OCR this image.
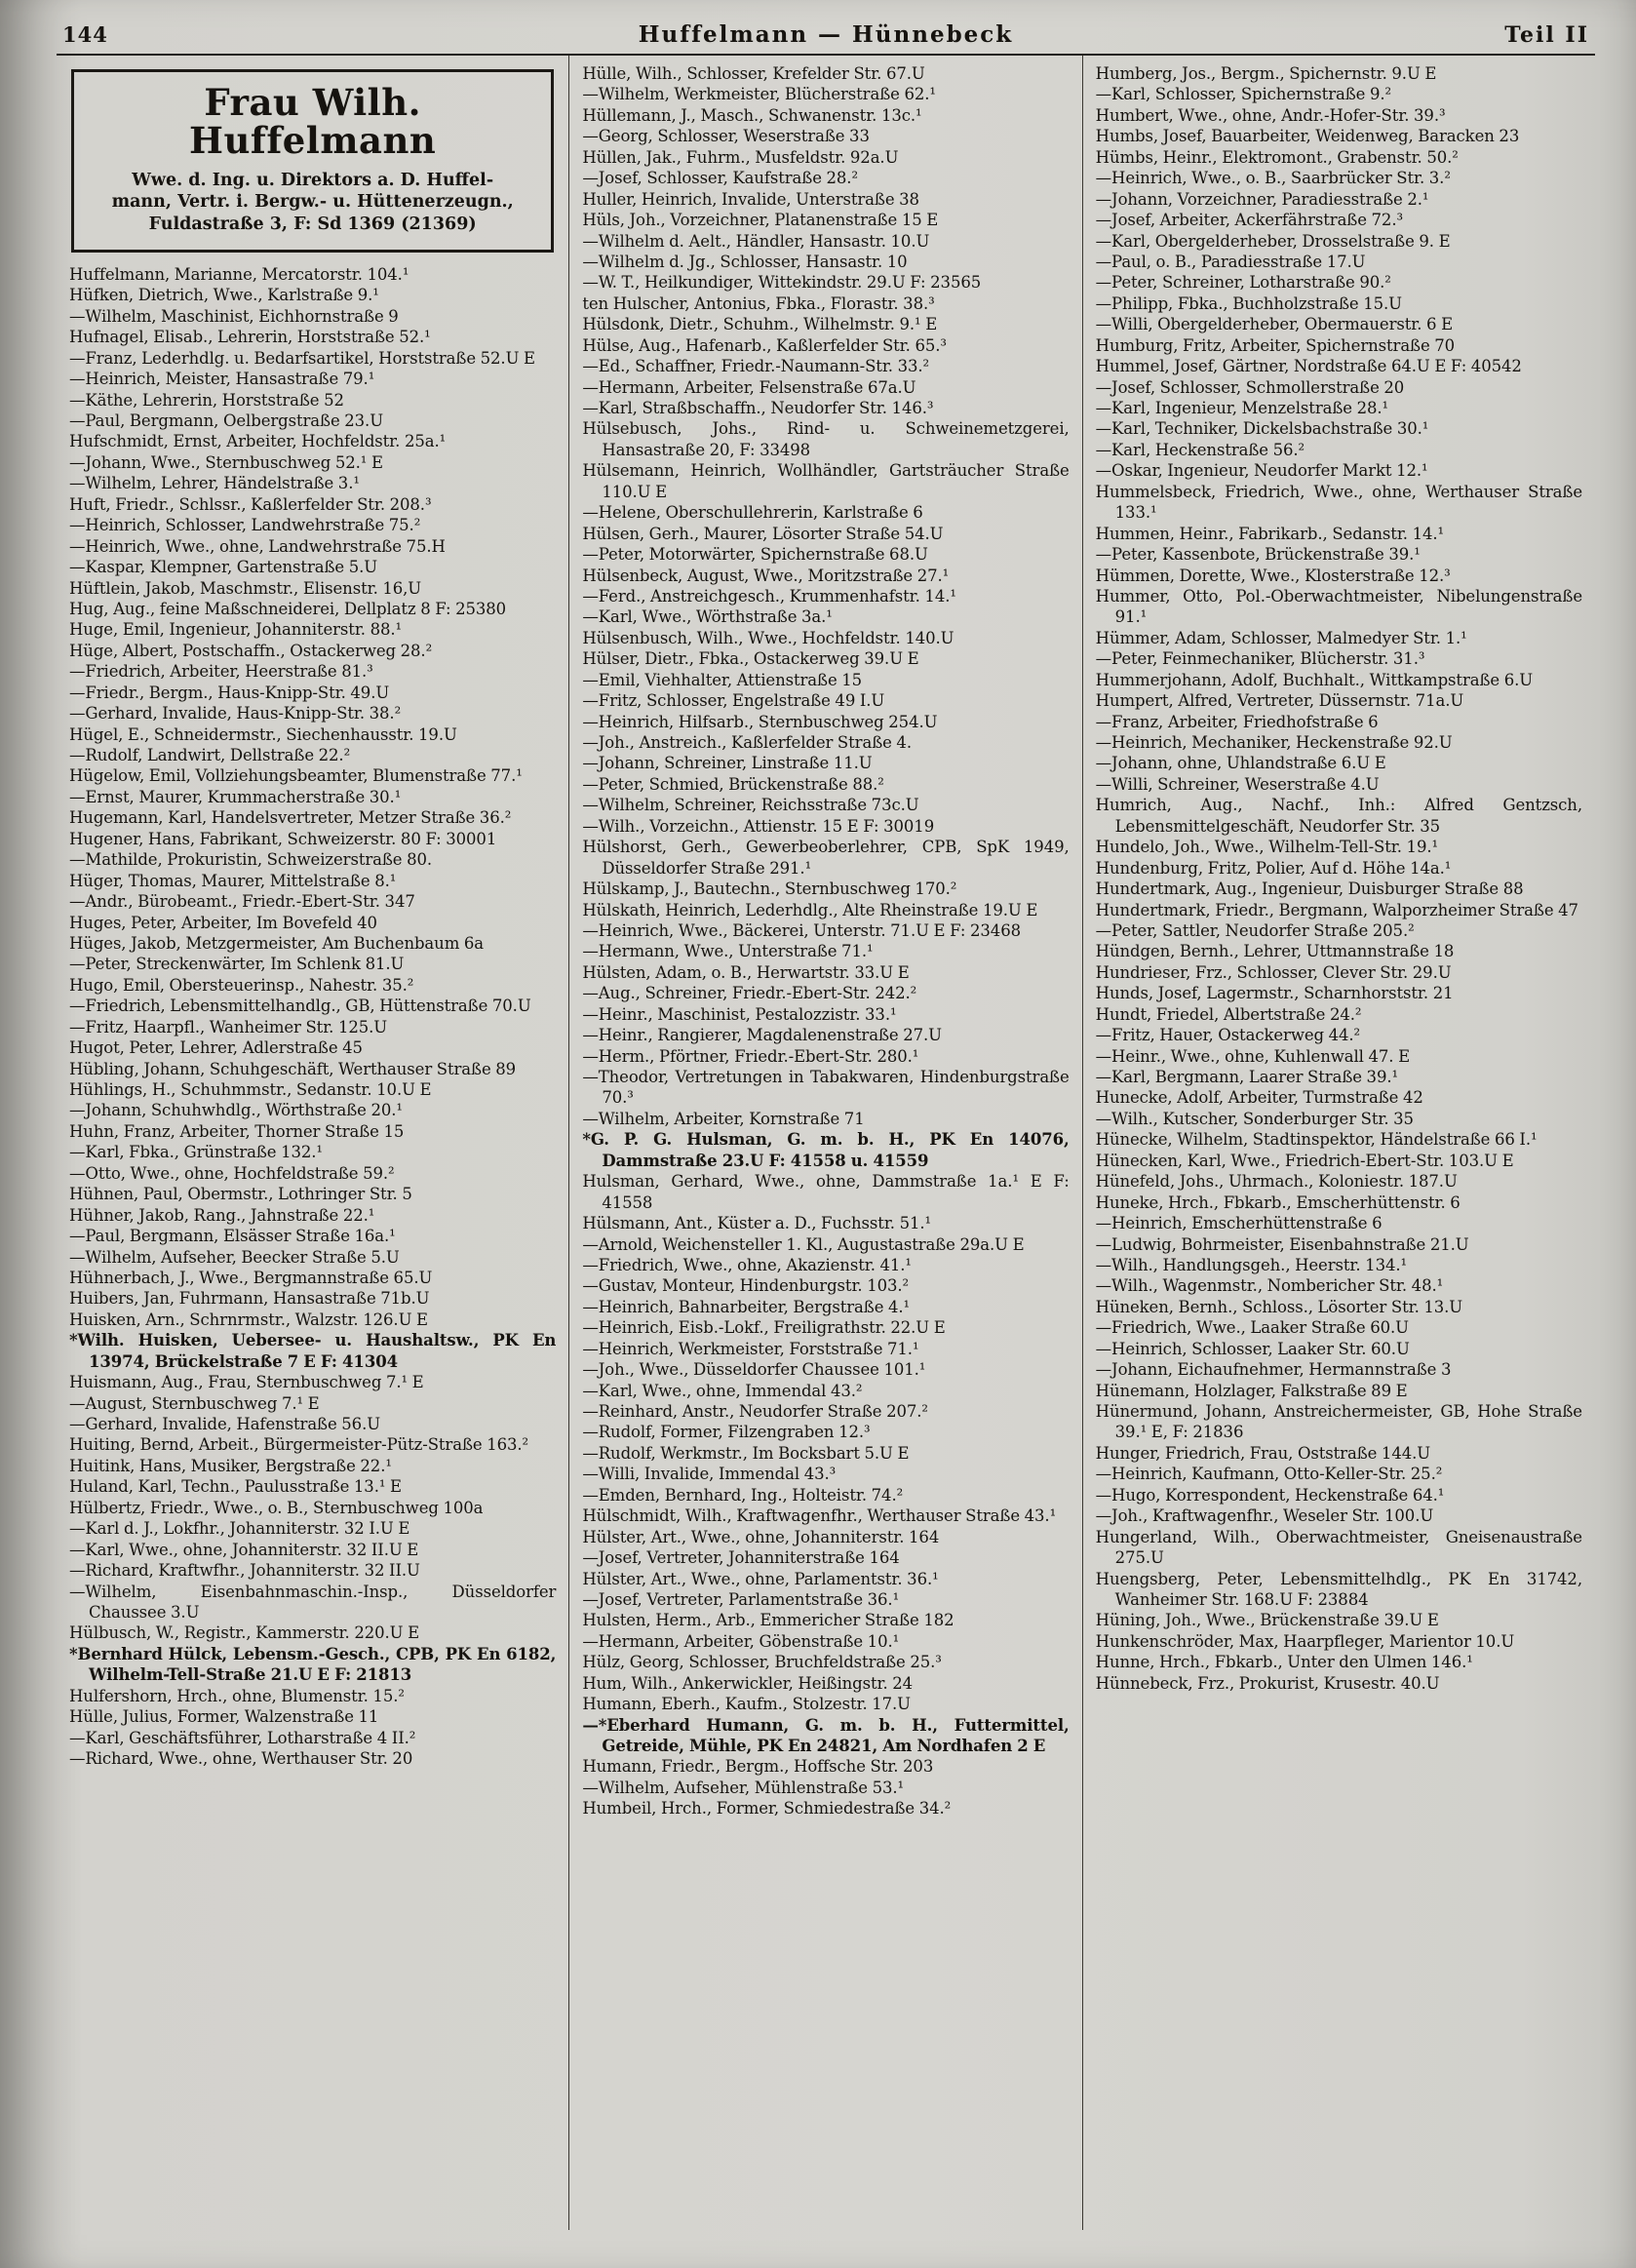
144	Huffelmann — Hünnebeck	Teil II
Frau Wilh. Huffelmann
Wwe. d. Ing. u. Direktors a. D. Huffel-
mann, Vertr. i. Bergw.- u. Hüttenerzeugn.,
Fuldastraße 3, F: Sd 1369 (21369)

Huffelmann, Marianne, Mercatorstr. 104.¹

Hüfken, Dietrich, Wwe., Karlstraße 9.¹

—Wilhelm, Maschinist, Eichhornstraße 9

Hufnagel, Elisab., Lehrerin, Horststraße 52.¹

—Franz, Lederhdlg. u. Bedarfsartikel, Horststraße 52.U E

—Heinrich, Meister, Hansastraße 79.¹

—Käthe, Lehrerin, Horststraße 52

—Paul, Bergmann, Oelbergstraße 23.U

Hufschmidt, Ernst, Arbeiter, Hochfeldstr. 25a.¹

—Johann, Wwe., Sternbuschweg 52.¹ E

—Wilhelm, Lehrer, Händelstraße 3.¹

Huft, Friedr., Schlssr., Kaßlerfelder Str. 208.³

—Heinrich, Schlosser, Landwehrstraße 75.²

—Heinrich, Wwe., ohne, Landwehrstraße 75.H

—Kaspar, Klempner, Gartenstraße 5.U

Hüftlein, Jakob, Maschmstr., Elisenstr. 16,U

Hug, Aug., feine Maßschneiderei, Dellplatz 8 F: 25380

Huge, Emil, Ingenieur, Johanniterstr. 88.¹

Hüge, Albert, Postschaffn., Ostackerweg 28.²

—Friedrich, Arbeiter, Heerstraße 81.³

—Friedr., Bergm., Haus-Knipp-Str. 49.U

—Gerhard, Invalide, Haus-Knipp-Str. 38.²

Hügel, E., Schneidermstr., Siechenhausstr. 19.U

—Rudolf, Landwirt, Dellstraße 22.²

Hügelow, Emil, Vollziehungsbeamter, Blumenstraße 77.¹

—Ernst, Maurer, Krummacherstraße 30.¹

Hugemann, Karl, Handelsvertreter, Metzer Straße 36.²

Hugener, Hans, Fabrikant, Schweizerstr. 80 F: 30001

—Mathilde, Prokuristin, Schweizerstraße 80.

Hüger, Thomas, Maurer, Mittelstraße 8.¹

—Andr., Bürobeamt., Friedr.-Ebert-Str. 347

Huges, Peter, Arbeiter, Im Bovefeld 40

Hüges, Jakob, Metzgermeister, Am Buchenbaum 6a

—Peter, Streckenwärter, Im Schlenk 81.U

Hugo, Emil, Obersteuerinsp., Nahestr. 35.²

—Friedrich, Lebensmittelhandlg., GB, Hüttenstraße 70.U

—Fritz, Haarpfl., Wanheimer Str. 125.U

Hugot, Peter, Lehrer, Adlerstraße 45

Hübling, Johann, Schuhgeschäft, Werthauser Straße 89

Hühlings, H., Schuhmmstr., Sedanstr. 10.U E

—Johann, Schuhwhdlg., Wörthstraße 20.¹

Huhn, Franz, Arbeiter, Thorner Straße 15

—Karl, Fbka., Grünstraße 132.¹

—Otto, Wwe., ohne, Hochfeldstraße 59.²

Hühnen, Paul, Obermstr., Lothringer Str. 5

Hühner, Jakob, Rang., Jahnstraße 22.¹

—Paul, Bergmann, Elsässer Straße 16a.¹

—Wilhelm, Aufseher, Beecker Straße 5.U

Hühnerbach, J., Wwe., Bergmannstraße 65.U

Huibers, Jan, Fuhrmann, Hansastraße 71b.U

Huisken, Arn., Schrnrmstr., Walzstr. 126.U E

*Wilh. Huisken, Uebersee- u. Haushaltsw., PK En 13974, Brückelstraße 7 E F: 41304

Huismann, Aug., Frau, Sternbuschweg 7.¹ E

—August, Sternbuschweg 7.¹ E

—Gerhard, Invalide, Hafenstraße 56.U

Huiting, Bernd, Arbeit., Bürgermeister-Pütz-Straße 163.²

Huitink, Hans, Musiker, Bergstraße 22.¹

Huland, Karl, Techn., Paulusstraße 13.¹ E

Hülbertz, Friedr., Wwe., o. B., Sternbuschweg 100a

—Karl d. J., Lokfhr., Johanniterstr. 32 I.U E

—Karl, Wwe., ohne, Johanniterstr. 32 II.U E

—Richard, Kraftwfhr., Johanniterstr. 32 II.U

—Wilhelm, Eisenbahnmaschin.-Insp., Düsseldorfer Chaussee 3.U

Hülbusch, W., Registr., Kammerstr. 220.U E

*Bernhard Hülck, Lebensm.-Gesch., CPB, PK En 6182, Wilhelm-Tell-Straße 21.U E F: 21813

Hulfershorn, Hrch., ohne, Blumenstr. 15.²

Hülle, Julius, Former, Walzenstraße 11

—Karl, Geschäftsführer, Lotharstraße 4 II.²

—Richard, Wwe., ohne, Werthauser Str. 20

Hülle, Wilh., Schlosser, Krefelder Str. 67.U

—Wilhelm, Werkmeister, Blücherstraße 62.¹

Hüllemann, J., Masch., Schwanenstr. 13c.¹

—Georg, Schlosser, Weserstraße 33

Hüllen, Jak., Fuhrm., Musfeldstr. 92a.U

—Josef, Schlosser, Kaufstraße 28.²

Huller, Heinrich, Invalide, Unterstraße 38

Hüls, Joh., Vorzeichner, Platanenstraße 15 E

—Wilhelm d. Aelt., Händler, Hansastr. 10.U

—Wilhelm d. Jg., Schlosser, Hansastr. 10

—W. T., Heilkundiger, Wittekindstr. 29.U F: 23565

ten Hulscher, Antonius, Fbka., Florastr. 38.³

Hülsdonk, Dietr., Schuhm., Wilhelmstr. 9.¹ E

Hülse, Aug., Hafenarb., Kaßlerfelder Str. 65.³

—Ed., Schaffner, Friedr.-Naumann-Str. 33.²

—Hermann, Arbeiter, Felsenstraße 67a.U

—Karl, Straßbschaffn., Neudorfer Str. 146.³

Hülsebusch, Johs., Rind- u. Schweinemetzgerei, Hansastraße 20, F: 33498

Hülsemann, Heinrich, Wollhändler, Gartsträucher Straße 110.U E

—Helene, Oberschullehrerin, Karlstraße 6

Hülsen, Gerh., Maurer, Lösorter Straße 54.U

—Peter, Motorwärter, Spichernstraße 68.U

Hülsenbeck, August, Wwe., Moritzstraße 27.¹

—Ferd., Anstreichgesch., Krummenhafstr. 14.¹

—Karl, Wwe., Wörthstraße 3a.¹

Hülsenbusch, Wilh., Wwe., Hochfeldstr. 140.U

Hülser, Dietr., Fbka., Ostackerweg 39.U E

—Emil, Viehhalter, Attienstraße 15

—Fritz, Schlosser, Engelstraße 49 I.U

—Heinrich, Hilfsarb., Sternbuschweg 254.U

—Joh., Anstreich., Kaßlerfelder Straße 4.

—Johann, Schreiner, Linstraße 11.U

—Peter, Schmied, Brückenstraße 88.²

—Wilhelm, Schreiner, Reichsstraße 73c.U

—Wilh., Vorzeichn., Attienstr. 15 E F: 30019

Hülshorst, Gerh., Gewerbeoberlehrer, CPB, SpK 1949, Düsseldorfer Straße 291.¹

Hülskamp, J., Bautechn., Sternbuschweg 170.²

Hülskath, Heinrich, Lederhdlg., Alte Rheinstraße 19.U E

—Heinrich, Wwe., Bäckerei, Unterstr. 71.U E F: 23468

—Hermann, Wwe., Unterstraße 71.¹

Hülsten, Adam, o. B., Herwartstr. 33.U E

—Aug., Schreiner, Friedr.-Ebert-Str. 242.²

—Heinr., Maschinist, Pestalozzistr. 33.¹

—Heinr., Rangierer, Magdalenenstraße 27.U

—Herm., Pförtner, Friedr.-Ebert-Str. 280.¹

—Theodor, Vertretungen in Tabakwaren, Hindenburgstraße 70.³

—Wilhelm, Arbeiter, Kornstraße 71

*G. P. G. Hulsman, G. m. b. H., PK En 14076, Dammstraße 23.U F: 41558 u. 41559

Hulsman, Gerhard, Wwe., ohne, Dammstraße 1a.¹ E F: 41558

Hülsmann, Ant., Küster a. D., Fuchsstr. 51.¹

—Arnold, Weichensteller 1. Kl., Augustastraße 29a.U E

—Friedrich, Wwe., ohne, Akazienstr. 41.¹

—Gustav, Monteur, Hindenburgstr. 103.²

—Heinrich, Bahnarbeiter, Bergstraße 4.¹

—Heinrich, Eisb.-Lokf., Freiligrathstr. 22.U E

—Heinrich, Werkmeister, Forststraße 71.¹

—Joh., Wwe., Düsseldorfer Chaussee 101.¹

—Karl, Wwe., ohne, Immendal 43.²

—Reinhard, Anstr., Neudorfer Straße 207.²

—Rudolf, Former, Filzengraben 12.³

—Rudolf, Werkmstr., Im Bocksbart 5.U E

—Willi, Invalide, Immendal 43.³

—Emden, Bernhard, Ing., Holteistr. 74.²

Hülschmidt, Wilh., Kraftwagenfhr., Werthauser Straße 43.¹

Hülster, Art., Wwe., ohne, Johanniterstr. 164

—Josef, Vertreter, Johanniterstraße 164

Hülster, Art., Wwe., ohne, Parlamentstr. 36.¹

—Josef, Vertreter, Parlamentstraße 36.¹

Hulsten, Herm., Arb., Emmericher Straße 182

—Hermann, Arbeiter, Göbenstraße 10.¹

Hülz, Georg, Schlosser, Bruchfeldstraße 25.³

Hum, Wilh., Ankerwickler, Heißingstr. 24

Humann, Eberh., Kaufm., Stolzestr. 17.U

—*Eberhard Humann, G. m. b. H., Futtermittel, Getreide, Mühle, PK En 24821, Am Nordhafen 2 E

Humann, Friedr., Bergm., Hoffsche Str. 203

—Wilhelm, Aufseher, Mühlenstraße 53.¹

Humbeil, Hrch., Former, Schmiedestraße 34.²

Humberg, Jos., Bergm., Spichernstr. 9.U E

—Karl, Schlosser, Spichernstraße 9.²

Humbert, Wwe., ohne, Andr.-Hofer-Str. 39.³

Humbs, Josef, Bauarbeiter, Weidenweg, Baracken 23

Hümbs, Heinr., Elektromont., Grabenstr. 50.²

—Heinrich, Wwe., o. B., Saarbrücker Str. 3.²

—Johann, Vorzeichner, Paradiesstraße 2.¹

—Josef, Arbeiter, Ackerfährstraße 72.³

—Karl, Obergelderheber, Drosselstraße 9. E

—Paul, o. B., Paradiesstraße 17.U

—Peter, Schreiner, Lotharstraße 90.²

—Philipp, Fbka., Buchholzstraße 15.U

—Willi, Obergelderheber, Obermauerstr. 6 E

Humburg, Fritz, Arbeiter, Spichernstraße 70

Hummel, Josef, Gärtner, Nordstraße 64.U E F: 40542

—Josef, Schlosser, Schmollerstraße 20

—Karl, Ingenieur, Menzelstraße 28.¹

—Karl, Techniker, Dickelsbachstraße 30.¹

—Karl, Heckenstraße 56.²

—Oskar, Ingenieur, Neudorfer Markt 12.¹

Hummelsbeck, Friedrich, Wwe., ohne, Werthauser Straße 133.¹

Hummen, Heinr., Fabrikarb., Sedanstr. 14.¹

—Peter, Kassenbote, Brückenstraße 39.¹

Hümmen, Dorette, Wwe., Klosterstraße 12.³

Hummer, Otto, Pol.-Oberwachtmeister, Nibelungenstraße 91.¹

Hümmer, Adam, Schlosser, Malmedyer Str. 1.¹

—Peter, Feinmechaniker, Blücherstr. 31.³

Hummerjohann, Adolf, Buchhalt., Wittkampstraße 6.U

Humpert, Alfred, Vertreter, Düssernstr. 71a.U

—Franz, Arbeiter, Friedhofstraße 6

—Heinrich, Mechaniker, Heckenstraße 92.U

—Johann, ohne, Uhlandstraße 6.U E

—Willi, Schreiner, Weserstraße 4.U

Humrich, Aug., Nachf., Inh.: Alfred Gentzsch, Lebensmittelgeschäft, Neudorfer Str. 35

Hundelo, Joh., Wwe., Wilhelm-Tell-Str. 19.¹

Hundenburg, Fritz, Polier, Auf d. Höhe 14a.¹

Hundertmark, Aug., Ingenieur, Duisburger Straße 88

Hundertmark, Friedr., Bergmann, Walporzheimer Straße 47

—Peter, Sattler, Neudorfer Straße 205.²

Hündgen, Bernh., Lehrer, Uttmannstraße 18

Hundrieser, Frz., Schlosser, Clever Str. 29.U

Hunds, Josef, Lagermstr., Scharnhorststr. 21

Hundt, Friedel, Albertstraße 24.²

—Fritz, Hauer, Ostackerweg 44.²

—Heinr., Wwe., ohne, Kuhlenwall 47. E

—Karl, Bergmann, Laarer Straße 39.¹

Hunecke, Adolf, Arbeiter, Turmstraße 42

—Wilh., Kutscher, Sonderburger Str. 35

Hünecke, Wilhelm, Stadtinspektor, Händelstraße 66 I.¹

Hünecken, Karl, Wwe., Friedrich-Ebert-Str. 103.U E

Hünefeld, Johs., Uhrmach., Koloniestr. 187.U

Huneke, Hrch., Fbkarb., Emscherhüttenstr. 6

—Heinrich, Emscherhüttenstraße 6

—Ludwig, Bohrmeister, Eisenbahnstraße 21.U

—Wilh., Handlungsgeh., Heerstr. 134.¹

—Wilh., Wagenmstr., Nombericher Str. 48.¹

Hüneken, Bernh., Schloss., Lösorter Str. 13.U

—Friedrich, Wwe., Laaker Straße 60.U

—Heinrich, Schlosser, Laaker Str. 60.U

—Johann, Eichaufnehmer, Hermannstraße 3

Hünemann, Holzlager, Falkstraße 89 E

Hünermund, Johann, Anstreichermeister, GB, Hohe Straße 39.¹ E, F: 21836

Hunger, Friedrich, Frau, Oststraße 144.U

—Heinrich, Kaufmann, Otto-Keller-Str. 25.²

—Hugo, Korrespondent, Heckenstraße 64.¹

—Joh., Kraftwagenfhr., Weseler Str. 100.U

Hungerland, Wilh., Oberwachtmeister, Gneisenaustraße 275.U

Huengsberg, Peter, Lebensmittelhdlg., PK En 31742, Wanheimer Str. 168.U F: 23884

Hüning, Joh., Wwe., Brückenstraße 39.U E

Hunkenschröder, Max, Haarpfleger, Marientor 10.U

Hunne, Hrch., Fbkarb., Unter den Ulmen 146.¹

Hünnebeck, Frz., Prokurist, Krusestr. 40.U
